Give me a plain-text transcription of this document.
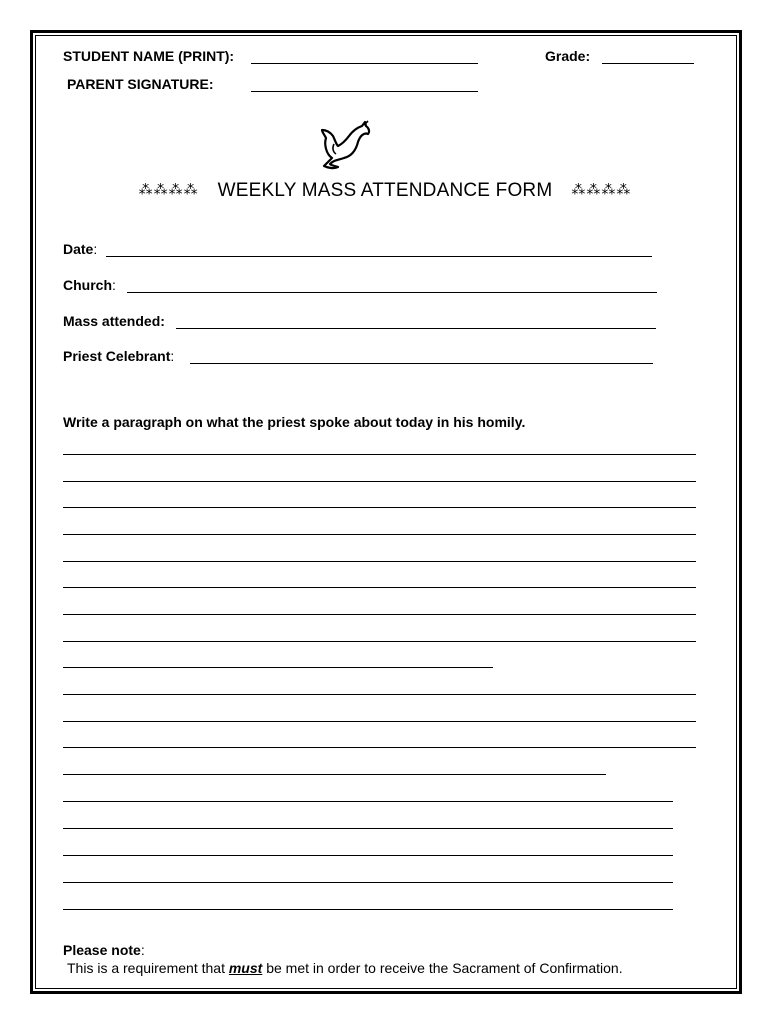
STUDENT NAME (PRINT):	Grade:
PARENT SIGNATURE:
⁂⁂⁂⁂ WEEKLY MASS ATTENDANCE FORM ⁂⁂⁂⁂
Date:
Church:
Mass attended:
Priest Celebrant:
Write a paragraph on what the priest spoke about today in his homily.
Please note:
This is a requirement that must be met in order to receive the Sacrament of Confirmation.
